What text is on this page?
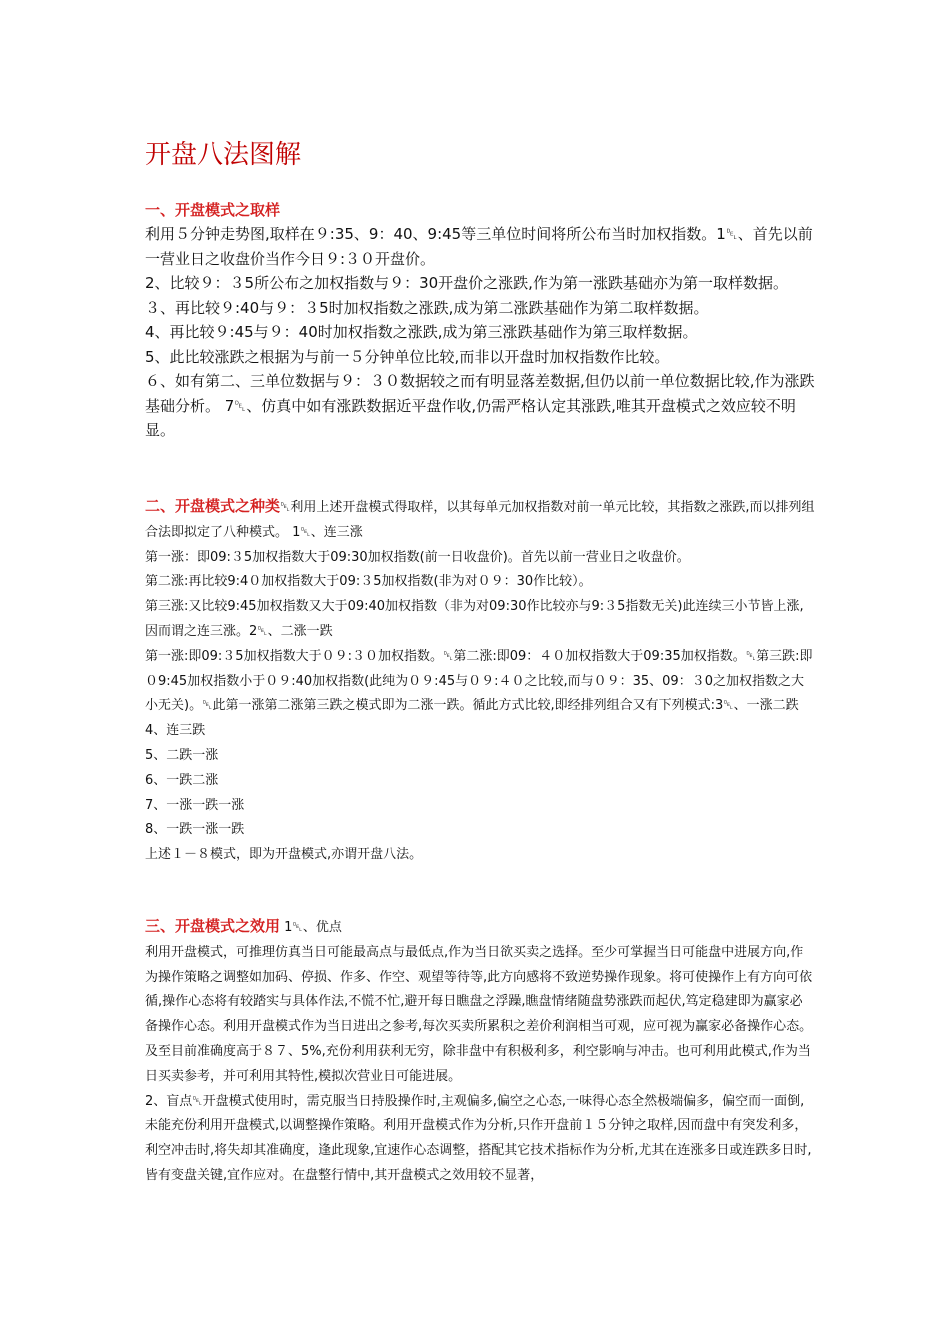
开盘八法图解
一、开盘模式之取样

利用５分钟走势图,取样在９:35、9：40、9:45等三单位时间将所公布当时加权指数。1␡、首先以前一营业日之收盘价当作今日９:３０开盘价。

2、比较９：３5所公布之加权指数与９：30开盘价之涨跌,作为第一涨跌基础亦为第一取样数据。

３、再比较９:40与９：３5时加权指数之涨跌,成为第二涨跌基础作为第二取样数据。

4、再比较９:45与９：40时加权指数之涨跌,成为第三涨跌基础作为第三取样数据。

5、此比较涨跌之根据为与前一５分钟单位比较,而非以开盘时加权指数作比较。

６、如有第二、三单位数据与９：３０数据较之而有明显落差数据,但仍以前一单位数据比较,作为涨跌基础分析。 7␡、仿真中如有涨跌数据近平盘作收,仍需严格认定其涨跌,唯其开盘模式之效应较不明显。

二、开盘模式之种类␡利用上述开盘模式得取样，以其每单元加权指数对前一单元比较，其指数之涨跌,而以排列组合法即拟定了八种模式。 1␡、连三涨

第一涨：即09:３5加权指数大于09:30加权指数(前一日收盘价)。首先以前一营业日之收盘价。

第二涨:再比较9:4０加权指数大于09:３5加权指数(非为对０９：30作比较）。

第三涨:又比较9:45加权指数又大于09:40加权指数（非为对09:30作比较亦与9:３5指数无关)此连续三小节皆上涨,因而谓之连三涨。2␡、二涨一跌

第一涨:即09:３5加权指数大于０９:３０加权指数。␡第二涨:即09：４０加权指数大于09:35加权指数。␡第三跌:即０9:45加权指数小于０９:40加权指数(此纯为０９:45与０９:４０之比较,而与０９：35、09：３0之加权指数之大小无关)。␡此第一涨第二涨第三跌之模式即为二涨一跌。循此方式比较,即经排列组合又有下列模式:3␡、一涨二跌

4、连三跌

5、二跌一涨

6、一跌二涨

7、一涨一跌一涨

8、一跌一涨一跌

上述１－８模式，即为开盘模式,亦谓开盘八法。

三、开盘模式之效用 1␡、优点

利用开盘模式，可推理仿真当日可能最高点与最低点,作为当日欲买卖之选择。至少可掌握当日可能盘中进展方向,作为操作策略之调整如加码、停损、作多、作空、观望等待等,此方向感将不致逆势操作现象。将可使操作上有方向可依循,操作心态将有较踏实与具体作法,不慌不忙,避开每日瞧盘之浮躁,瞧盘情绪随盘势涨跌而起伏,笃定稳建即为赢家必备操作心态。利用开盘模式作为当日进出之参考,每次买卖所累积之差价利润相当可观，应可视为赢家必备操作心态。及至目前准确度高于８７、5%,充份利用获利无穷，除非盘中有积极利多，利空影响与冲击。也可利用此模式,作为当日买卖参考，并可利用其特性,模拟次营业日可能进展。

2、盲点␡开盘模式使用时，需克服当日持股操作时,主观偏多,偏空之心态,一味得心态全然极端偏多，偏空而一面倒,未能充份利用开盘模式,以调整操作策略。利用开盘模式作为分析,只作开盘前１５分钟之取样,因而盘中有突发利多，利空冲击时,将失却其准确度，逢此现象,宜速作心态调整，搭配其它技术指标作为分析,尤其在连涨多日或连跌多日时,皆有变盘关键,宜作应对。在盘整行情中,其开盘模式之效用较不显著，
